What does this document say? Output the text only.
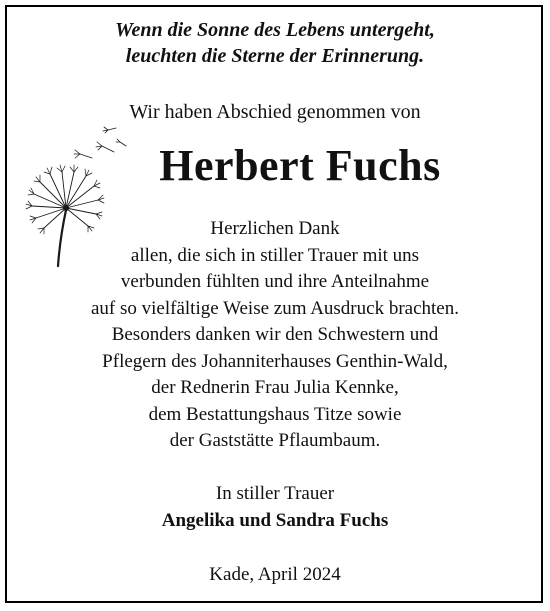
Wenn die Sonne des Lebens untergeht,
leuchten die Sterne der Erinnerung.
Wir haben Abschied genommen von
Herbert Fuchs
Herzlichen Dank
allen, die sich in stiller Trauer mit uns
verbunden fühlten und ihre Anteilnahme
auf so vielfältige Weise zum Ausdruck brachten.
Besonders danken wir den Schwestern und
Pflegern des Johanniterhauses Genthin-Wald,
der Rednerin Frau Julia Kennke,
dem Bestattungshaus Titze sowie
der Gaststätte Pflaumbaum.
In stiller Trauer
Angelika und Sandra Fuchs
Kade, April 2024
